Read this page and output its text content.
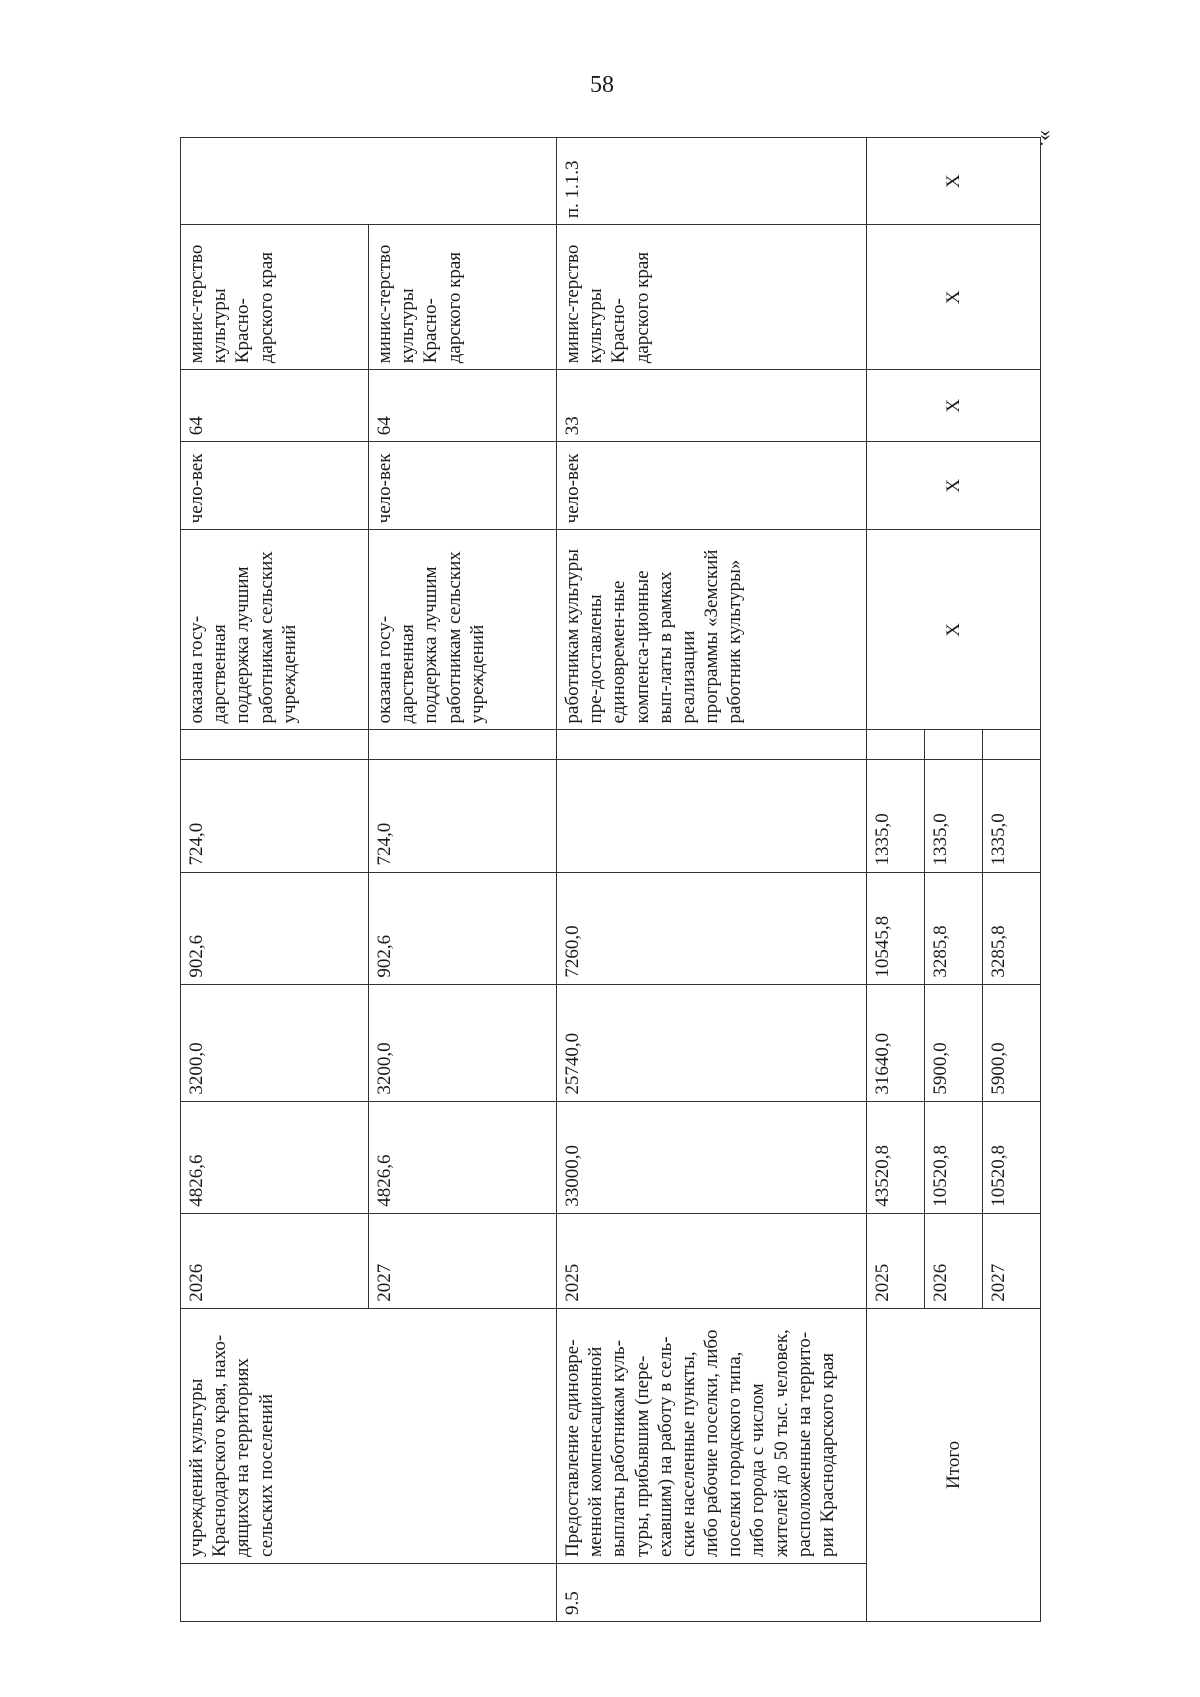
58
».
	учреждений культуры Краснодарского края, нахо-дящихся на территориях сельских поселений	2026	4826,6	3200,0	902,6	724,0		оказана госу-дарственная поддержка лучшим работникам сельских учреждений	чело-век	64	минис-терство культуры Красно-дарского края	
		2027	4826,6	3200,0	902,6	724,0		оказана госу-дарственная поддержка лучшим работникам сельских учреждений	чело-век	64	минис-терство культуры Красно-дарского края	
9.5	Предоставление единовре-менной компенсационной выплаты работникам куль-туры, прибывшим (пере-ехавшим) на работу в сель-ские населенные пункты, либо рабочие поселки, либо поселки городского типа, либо города с числом жителей до 50 тыс. человек, расположенные на террито-рии Краснодарского края	2025	33000,0	25740,0	7260,0			работникам культуры пре-доставлены единовремен-ные компенса-ционные вып-латы в рамках реализации программы «Земский работник культуры»	чело-век	33	минис-терство культуры Красно-дарского края	п. 1.1.3
Итого		2025	43520,8	31640,0	10545,8	1335,0		X	X	X	X	X
		2026	10520,8	5900,0	3285,8	1335,0						
		2027	10520,8	5900,0	3285,8	1335,0						
